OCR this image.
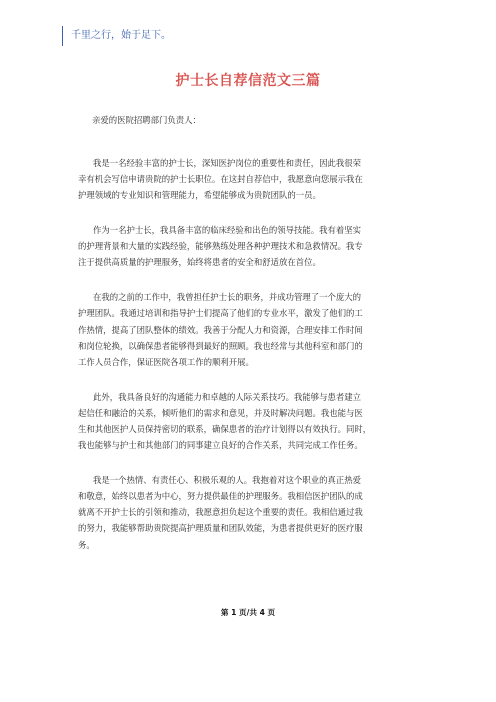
千里之行，始于足下。
护士长自荐信范文三篇
亲爱的医院招聘部门负责人：
我是一名经验丰富的护士长，深知医护岗位的重要性和责任，因此我很荣
幸有机会写信申请贵院的护士长职位。在这封自荐信中，我愿意向您展示我在
护理领域的专业知识和管理能力，希望能够成为贵院团队的一员。
作为一名护士长，我具备丰富的临床经验和出色的领导技能。我有着坚实
的护理背景和大量的实践经验，能够熟练处理各种护理技术和急救情况。我专
注于提供高质量的护理服务，始终将患者的安全和舒适放在首位。
在我的之前的工作中，我曾担任护士长的职务，并成功管理了一个庞大的
护理团队。我通过培训和指导护士们提高了他们的专业水平，激发了他们的工
作热情，提高了团队整体的绩效。我善于分配人力和资源，合理安排工作时间
和岗位轮换，以确保患者能够得到最好的照顾。我也经常与其他科室和部门的
工作人员合作，保证医院各项工作的顺利开展。
此外，我具备良好的沟通能力和卓越的人际关系技巧。我能够与患者建立
起信任和融洽的关系，倾听他们的需求和意见，并及时解决问题。我也能与医
生和其他医护人员保持密切的联系，确保患者的治疗计划得以有效执行。同时，
我也能够与护士和其他部门的同事建立良好的合作关系，共同完成工作任务。
我是一个热情、有责任心、积极乐观的人。我抱着对这个职业的真正热爱
和敬意，始终以患者为中心，努力提供最佳的护理服务。我相信医护团队的成
就离不开护士长的引领和推动，我愿意担负起这个重要的责任。我相信通过我
的努力，我能够帮助贵院提高护理质量和团队效能，为患者提供更好的医疗服
务。
第 1 页/共 4 页
